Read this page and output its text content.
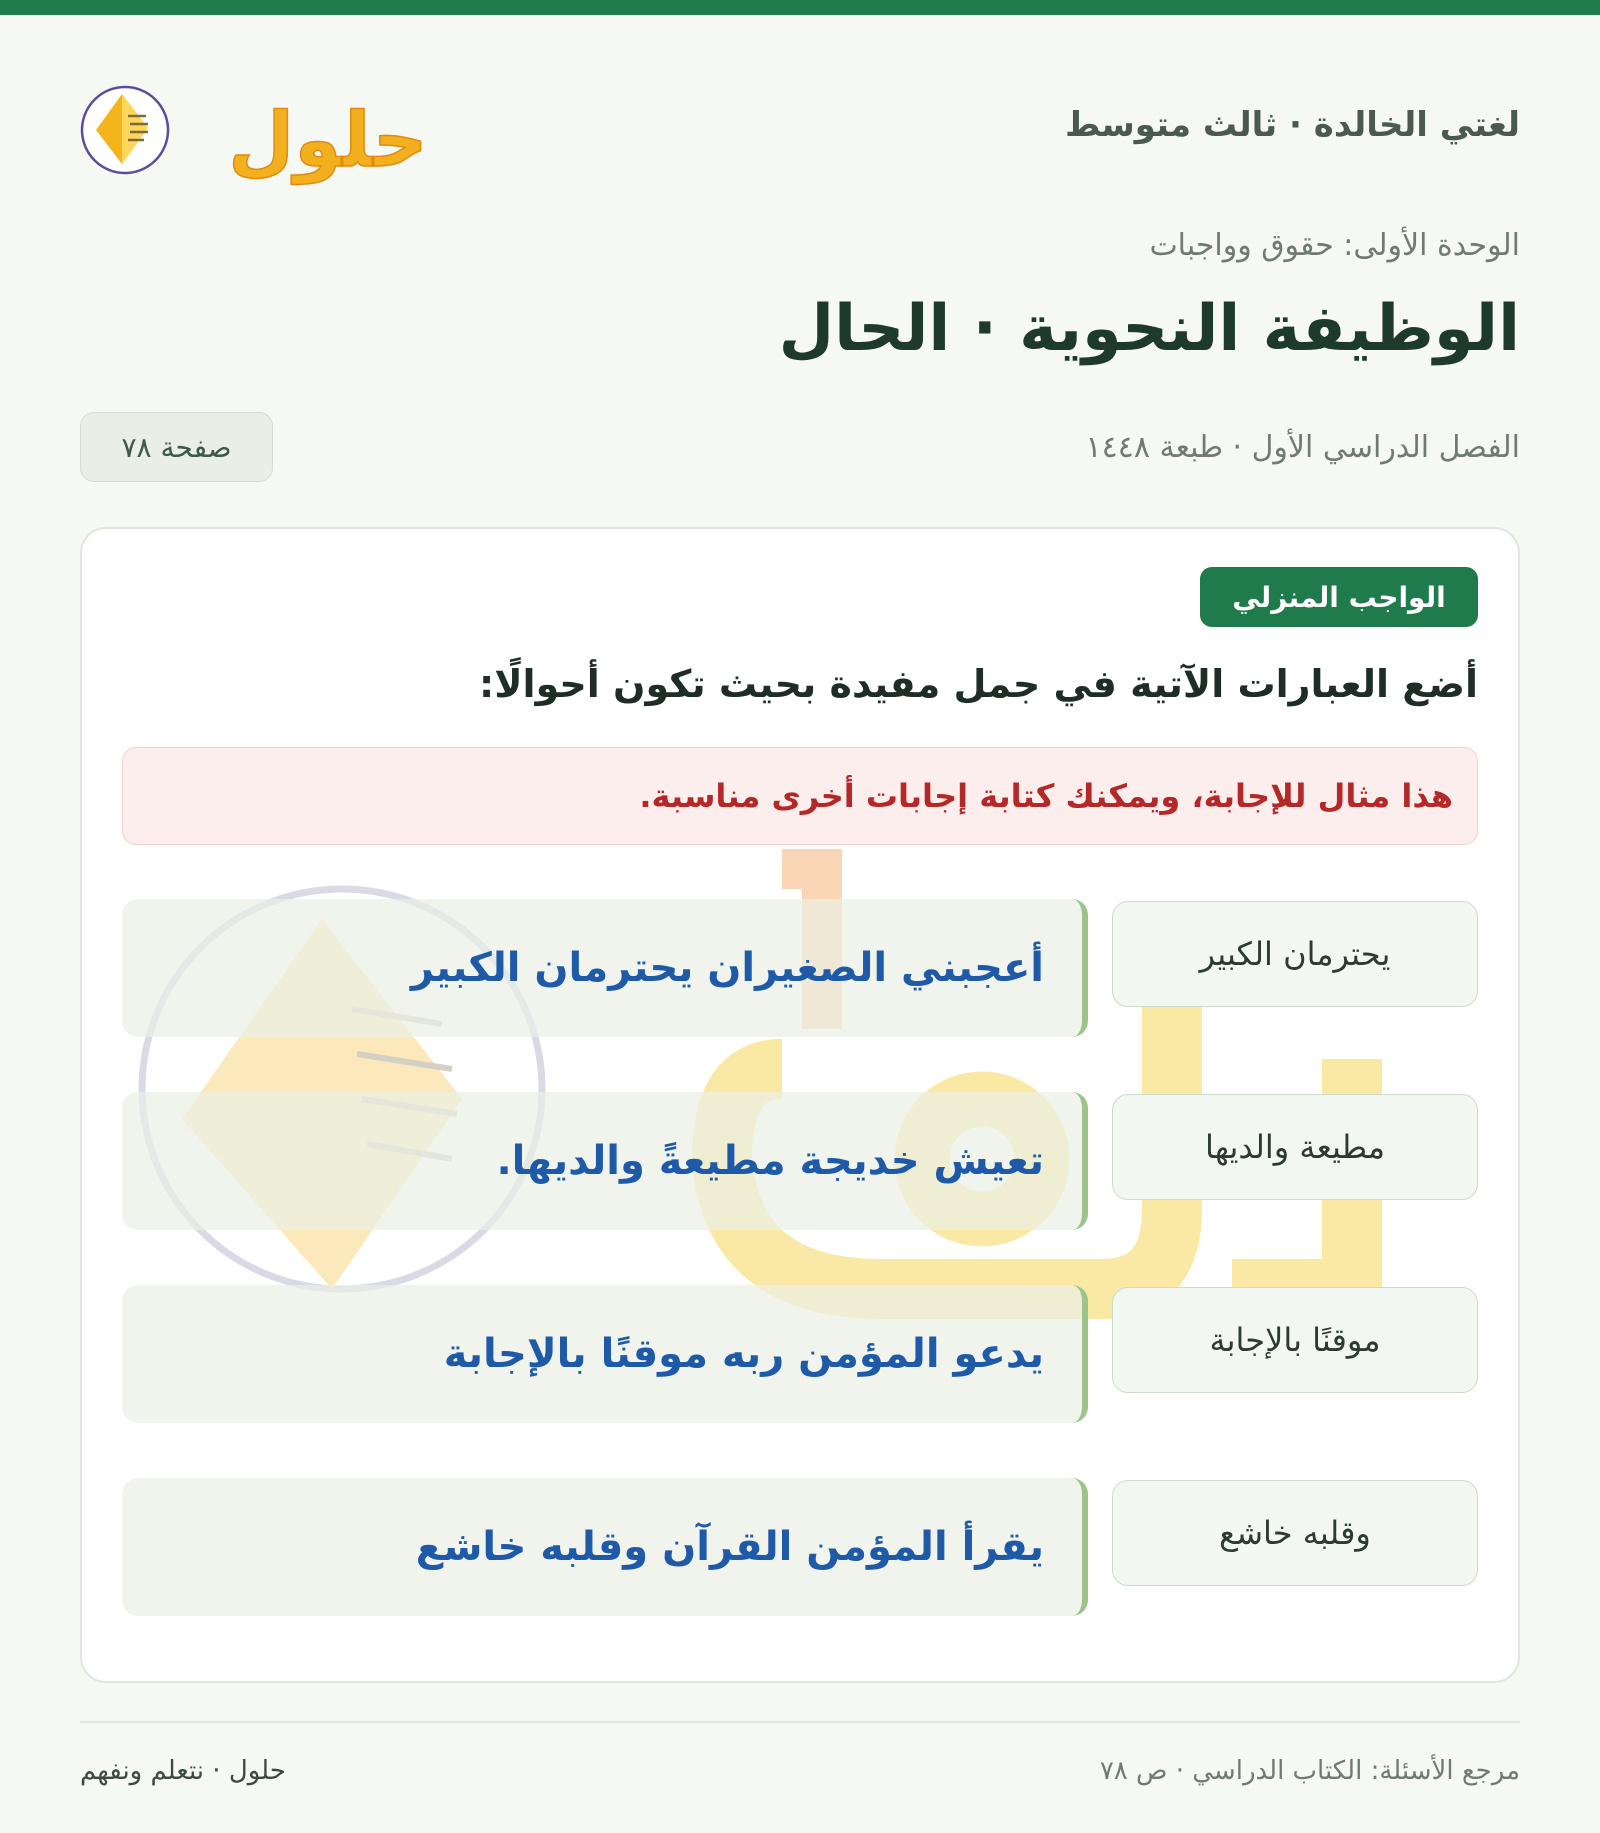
لغتي الخالدة · ثالث متوسط
حلول
الوحدة الأولى: حقوق وواجبات
الوظيفة النحوية · الحال
الفصل الدراسي الأول · طبعة ١٤٤٨
صفحة ٧٨
الواجب المنزلي
أضع العبارات الآتية في جمل مفيدة بحيث تكون أحوالًا:
هذا مثال للإجابة، ويمكنك كتابة إجابات أخرى مناسبة.
يحترمان الكبير
أعجبني الصغيران يحترمان الكبير
مطيعة والديها
تعيش خديجة مطيعةً والديها.
موقنًا بالإجابة
يدعو المؤمن ربه موقنًا بالإجابة
وقلبه خاشع
يقرأ المؤمن القرآن وقلبه خاشع
مرجع الأسئلة: الكتاب الدراسي · ص ٧٨
حلول · نتعلم ونفهم
